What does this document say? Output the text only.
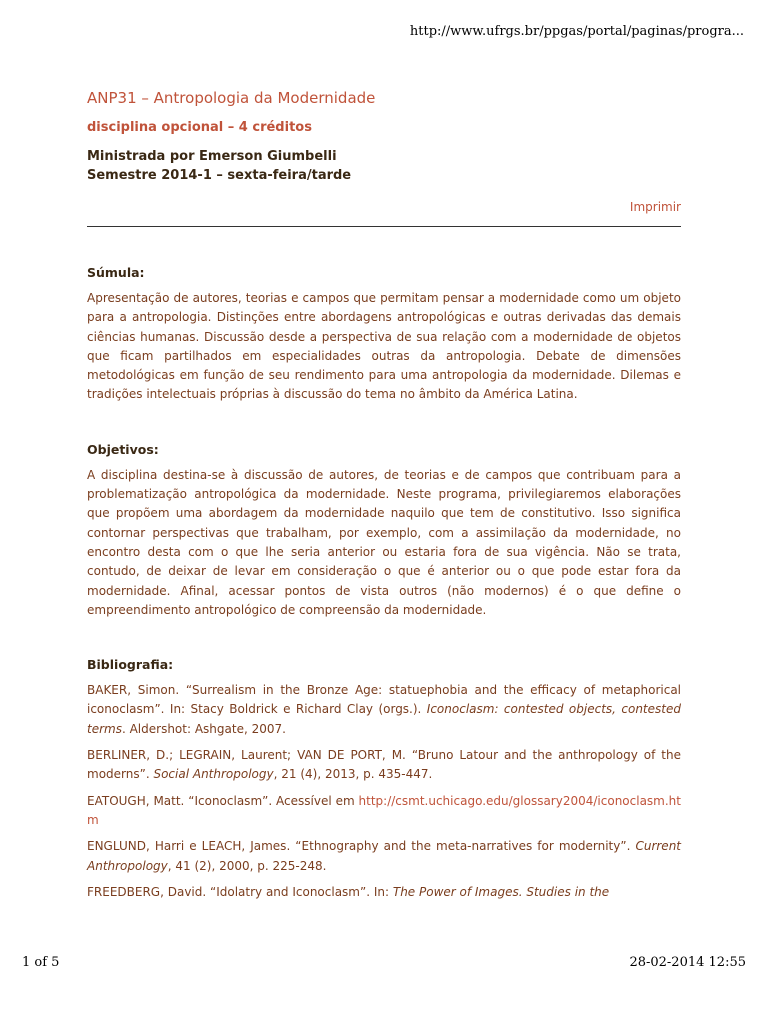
http://www.ufrgs.br/ppgas/portal/paginas/progra...
ANP31 – Antropologia da Modernidade
disciplina opcional – 4 créditos
Ministrada por Emerson Giumbelli
Semestre 2014-1 – sexta-feira/tarde
Imprimir
Súmula:
Apresentação de autores, teorias e campos que permitam pensar a modernidade como um objeto para a antropologia. Distinções entre abordagens antropológicas e outras derivadas das demais ciências humanas. Discussão desde a perspectiva de sua relação com a modernidade de objetos que ficam partilhados em especialidades outras da antropologia. Debate de dimensões metodológicas em função de seu rendimento para uma antropologia da modernidade. Dilemas e tradições intelectuais próprias à discussão do tema no âmbito da América Latina.
Objetivos:
A disciplina destina-se à discussão de autores, de teorias e de campos que contribuam para a problematização antropológica da modernidade. Neste programa, privilegiaremos elaborações que propõem uma abordagem da modernidade naquilo que tem de constitutivo. Isso significa contornar perspectivas que trabalham, por exemplo, com a assimilação da modernidade, no encontro desta com o que lhe seria anterior ou estaria fora de sua vigência. Não se trata, contudo, de deixar de levar em consideração o que é anterior ou o que pode estar fora da modernidade. Afinal, acessar pontos de vista outros (não modernos) é o que define o empreendimento antropológico de compreensão da modernidade.
Bibliografia:
BAKER, Simon. “Surrealism in the Bronze Age: statuephobia and the efficacy of metaphorical iconoclasm”. In: Stacy Boldrick e Richard Clay (orgs.). Iconoclasm: contested objects, contested terms. Aldershot: Ashgate, 2007.
BERLINER, D.; LEGRAIN, Laurent; VAN DE PORT, M. “Bruno Latour and the anthropology of the moderns”. Social Anthropology, 21 (4), 2013, p. 435-447.
EATOUGH, Matt. “Iconoclasm”. Acessível em http://csmt.uchicago.edu/glossary2004/iconoclasm.htm
ENGLUND, Harri e LEACH, James. “Ethnography and the meta-narratives for modernity”. Current Anthropology, 41 (2), 2000, p. 225-248.
FREEDBERG, David. “Idolatry and Iconoclasm”. In: The Power of Images. Studies in the
1 of 5	28-02-2014 12:55
